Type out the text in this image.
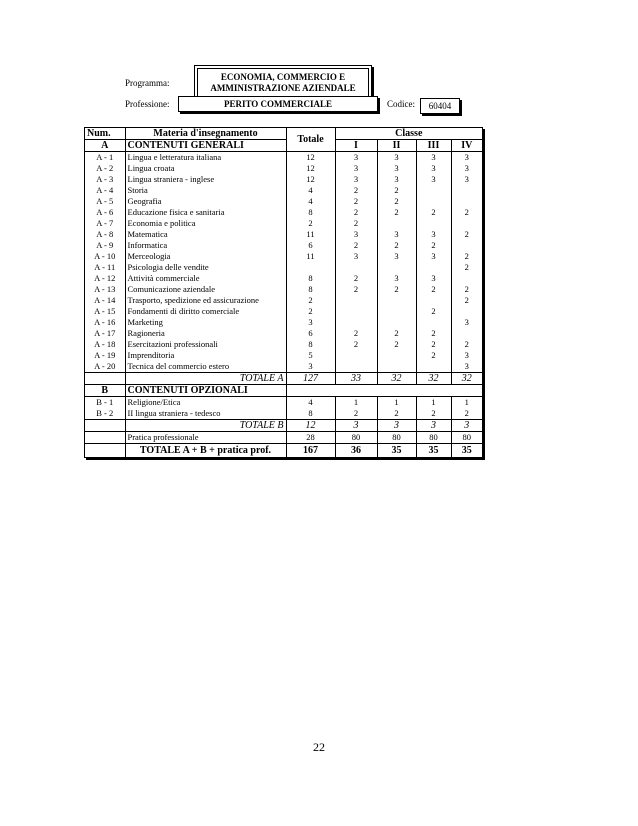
Programma:
ECONOMIA, COMMERCIO E
AMMINISTRAZIONE AZIENDALE
Professione:	PERITO COMMERCIALE	Codice:	60404
Num.	Materia d'insegnamento	Totale	Classe			
A	CONTENUTI GENERALI		I	II	III	IV
A - 1	Lingua e letteratura italiana	12	3	3	3	3
A - 2	Lingua croata	12	3	3	3	3
A - 3	Lingua straniera - inglese	12	3	3	3	3
A - 4	Storia	4	2	2		
A - 5	Geografia	4	2	2		
A - 6	Educazione fisica e sanitaria	8	2	2	2	2
A - 7	Economia e politica	2	2			
A - 8	Matematica	11	3	3	3	2
A - 9	Informatica	6	2	2	2	
A - 10	Merceologia	11	3	3	3	2
A - 11	Psicologia delle vendite					2
A - 12	Attività commerciale	8	2	3	3	
A - 13	Comunicazione aziendale	8	2	2	2	2
A - 14	Trasporto, spedizione ed assicurazione	2				2
A - 15	Fondamenti di diritto comerciale	2			2	
A - 16	Marketing	3				3
A - 17	Ragioneria	6	2	2	2	
A - 18	Esercitazioni professionali	8	2	2	2	2
A - 19	Imprenditoria	5			2	3
A - 20	Tecnica del commercio estero	3				3
	TOTALE A	127	33	32	32	32
B	CONTENUTI OPZIONALI					
B - 1	Religione/Etica	4	1	1	1	1
B - 2	II lingua straniera - tedesco	8	2	2	2	2
	TOTALE B	12	3	3	3	3
	Pratica professionale	28	80	80	80	80
	TOTALE A + B + pratica prof.	167	36	35	35	35
22
